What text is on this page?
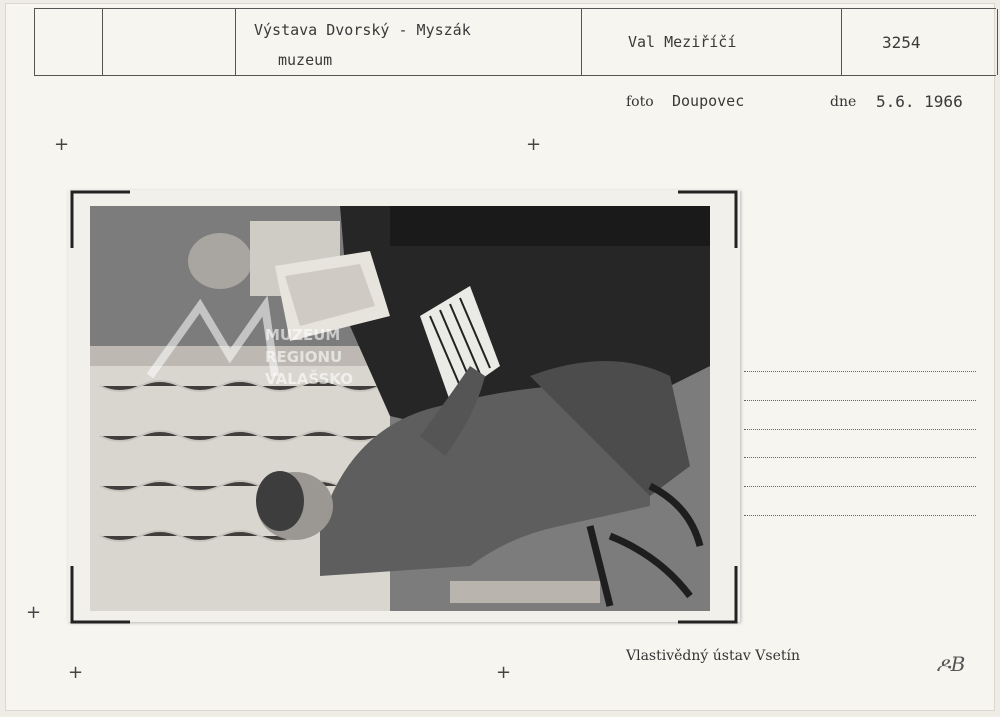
Výstava Dvorský - Myszák
muzeum
Val Meziříčí	3254
foto Doupovec	dne 5.6. 1966
+	+
+
+	+
Vlastivědný ústav Vsetín	ዶB
MUZEUM
REGIONU
VALAŠSKO
